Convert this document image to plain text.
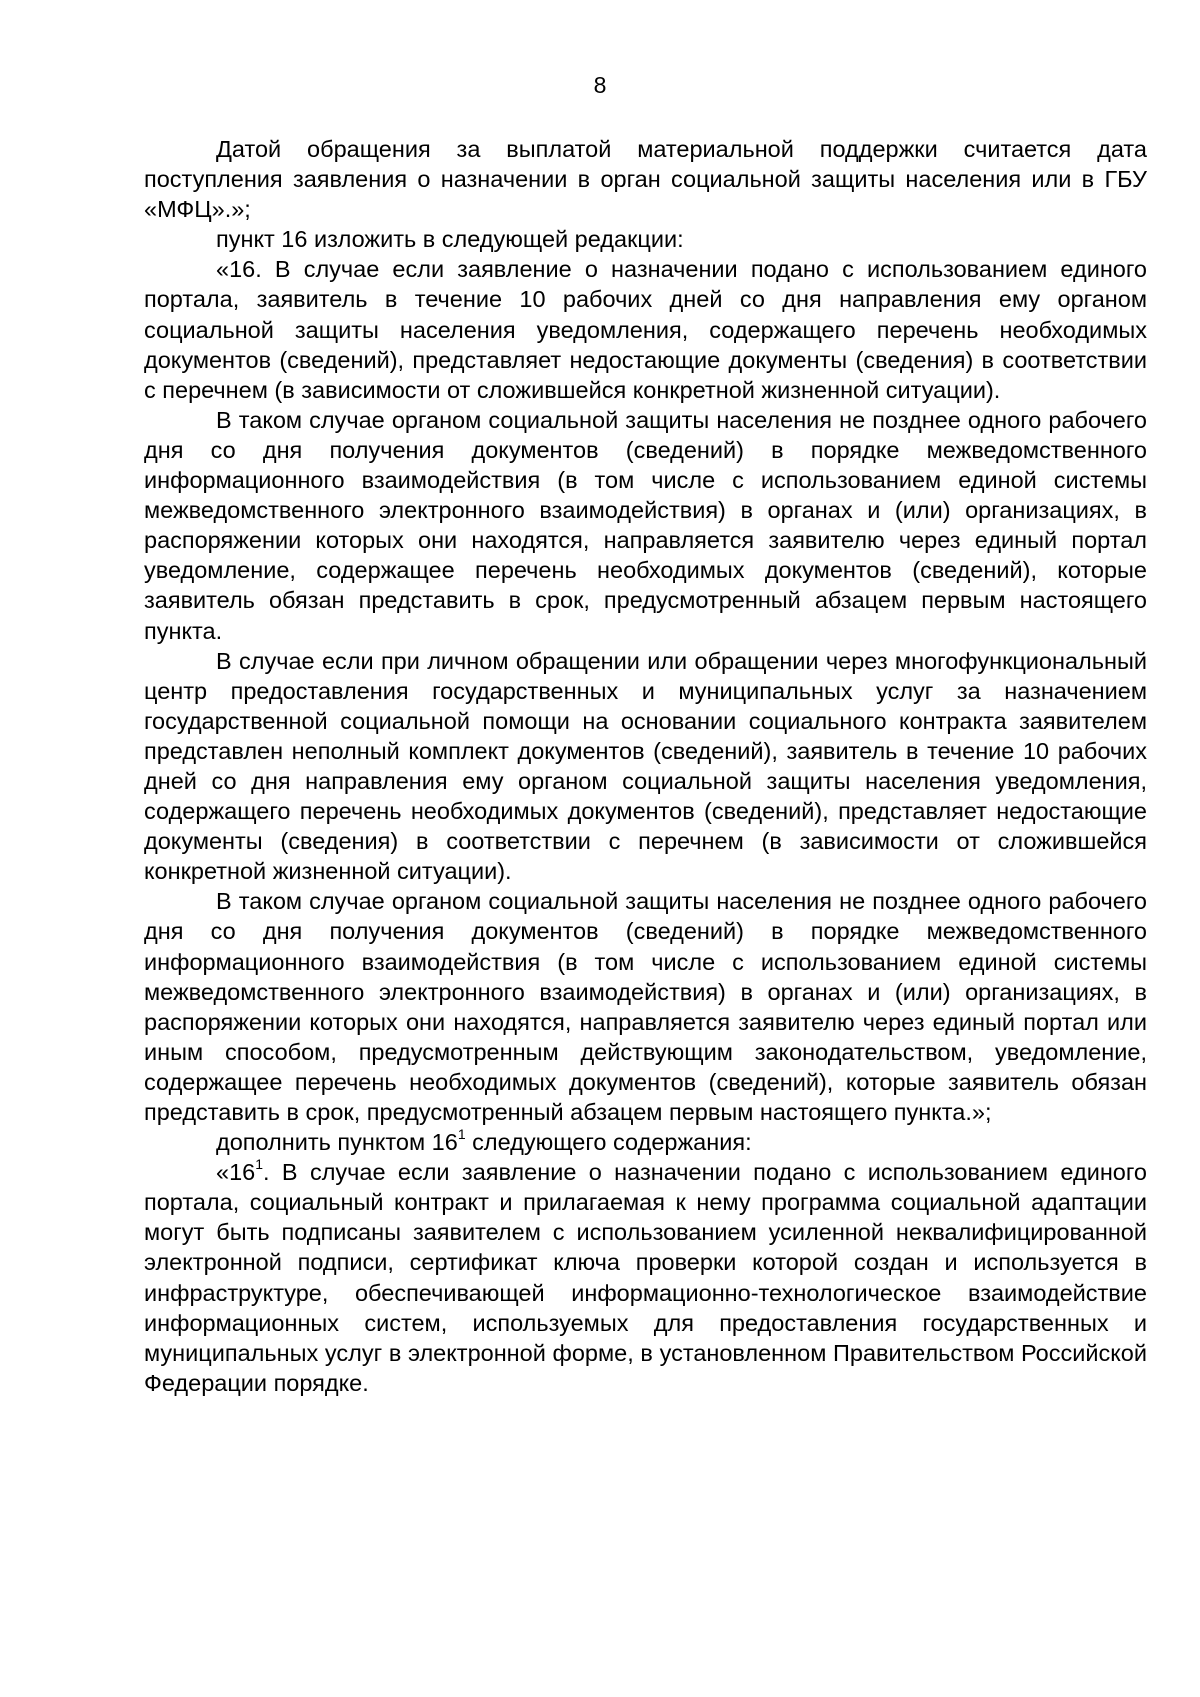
8

Датой обращения за выплатой материальной поддержки считается дата поступления заявления о назначении в орган социальной защиты населения или в ГБУ «МФЦ».»;

пункт 16 изложить в следующей редакции:

«16. В случае если заявление о назначении подано с использованием единого портала, заявитель в течение 10 рабочих дней со дня направления ему органом социальной защиты населения уведомления, содержащего перечень необходимых документов (сведений), представляет недостающие документы (сведения) в соответствии с перечнем (в зависимости от сложившейся конкретной жизненной ситуации).

В таком случае органом социальной защиты населения не позднее одного рабочего дня со дня получения документов (сведений) в порядке межведомственного информационного взаимодействия (в том числе с использованием единой системы межведомственного электронного взаимодействия) в органах и (или) организациях, в распоряжении которых они находятся, направляется заявителю через единый портал уведомление, содержащее перечень необходимых документов (сведений), которые заявитель обязан представить в срок, предусмотренный абзацем первым настоящего пункта.

В случае если при личном обращении или обращении через многофункциональный центр предоставления государственных и муниципальных услуг за назначением государственной социальной помощи на основании социального контракта заявителем представлен неполный комплект документов (сведений), заявитель в течение 10 рабочих дней со дня направления ему органом социальной защиты населения уведомления, содержащего перечень необходимых документов (сведений), представляет недостающие документы (сведения) в соответствии с перечнем (в зависимости от сложившейся конкретной жизненной ситуации).

В таком случае органом социальной защиты населения не позднее одного рабочего дня со дня получения документов (сведений) в порядке межведомственного информационного взаимодействия (в том числе с использованием единой системы межведомственного электронного взаимодействия) в органах и (или) организациях, в распоряжении которых они находятся, направляется заявителю через единый портал или иным способом, предусмотренным действующим законодательством, уведомление, содержащее перечень необходимых документов (сведений), которые заявитель обязан представить в срок, предусмотренный абзацем первым настоящего пункта.»;

дополнить пунктом $16^1$ следующего содержания:

«$16^1$. В случае если заявление о назначении подано с использованием единого портала, социальный контракт и прилагаемая к нему программа социальной адаптации могут быть подписаны заявителем с использованием усиленной неквалифицированной электронной подписи, сертификат ключа проверки которой создан и используется в инфраструктуре, обеспечивающей информационно-технологическое взаимодействие информационных систем, используемых для предоставления государственных и муниципальных услуг в электронной форме, в установленном Правительством Российской Федерации порядке.
